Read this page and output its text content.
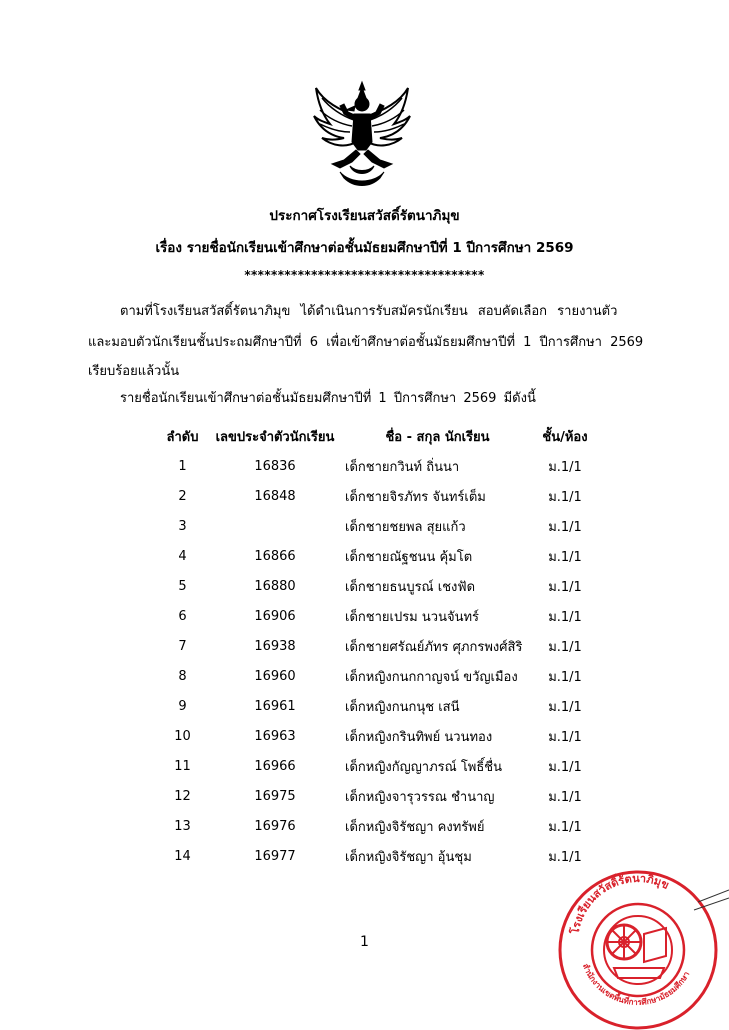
ประกาศโรงเรียนสวัสดิ์รัตนาภิมุข
เรื่อง รายชื่อนักเรียนเข้าศึกษาต่อชั้นมัธยมศึกษาปีที่ 1 ปีการศึกษา 2569
************************************
ตามที่โรงเรียนสวัสดิ์รัตนาภิมุข ได้ดำเนินการรับสมัครนักเรียน สอบคัดเลือก รายงานตัว
และมอบตัวนักเรียนชั้นประถมศึกษาปีที่ 6 เพื่อเข้าศึกษาต่อชั้นมัธยมศึกษาปีที่ 1 ปีการศึกษา 2569
เรียบร้อยแล้วนั้น
รายชื่อนักเรียนเข้าศึกษาต่อชั้นมัธยมศึกษาปีที่ 1 ปีการศึกษา 2569 มีดังนี้
ลำดับ	เลขประจำตัวนักเรียน	ชื่อ - สกุล นักเรียน	ชั้น/ห้อง
1	16836	เด็กชายกวินท์ ถิ่นนา	ม.1/1
2	16848	เด็กชายจิรภัทร จันทร์เต็ม	ม.1/1
3		เด็กชายชยพล สุยแก้ว	ม.1/1
4	16866	เด็กชายณัฐชนน คุ้มโต	ม.1/1
5	16880	เด็กชายธนบูรณ์ เชงฟัด	ม.1/1
6	16906	เด็กชายเปรม นวนจันทร์	ม.1/1
7	16938	เด็กชายศรัณย์ภัทร ศุภกรพงศ์สิริ	ม.1/1
8	16960	เด็กหญิงกนกกาญจน์ ขวัญเมือง	ม.1/1
9	16961	เด็กหญิงกนกนุช เสนี	ม.1/1
10	16963	เด็กหญิงกรินทิพย์ นวนทอง	ม.1/1
11	16966	เด็กหญิงกัญญาภรณ์ โพธิ์ชื่น	ม.1/1
12	16975	เด็กหญิงจารุวรรณ ชำนาญ	ม.1/1
13	16976	เด็กหญิงจิรัชญา คงทรัพย์	ม.1/1
14	16977	เด็กหญิงจิรัชญา อุ้นชุม	ม.1/1
1
โรงเรียนสวัสดิ์รัตนาภิมุข
สำนักงานเขตพื้นที่การศึกษามัธยมศึกษา
